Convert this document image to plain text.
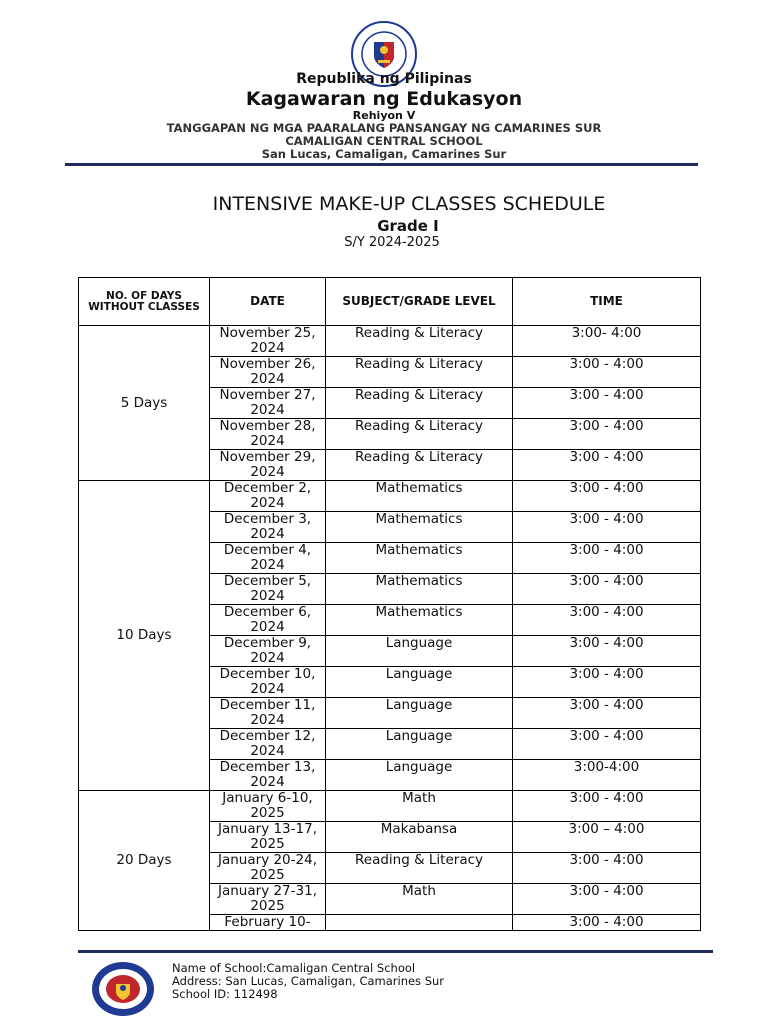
Republika ng Pilipinas
Kagawaran ng Edukasyon
Rehiyon V
TANGGAPAN NG MGA PAARALANG PANSANGAY NG CAMARINES SUR
CAMALIGAN CENTRAL SCHOOL
San Lucas, Camaligan, Camarines Sur
INTENSIVE MAKE-UP CLASSES SCHEDULE
Grade I
S/Y 2024-2025
NO. OF DAYS WITHOUT CLASSES	DATE	SUBJECT/GRADE LEVEL	TIME
5 Days	November 25, 2024	Reading & Literacy	3:00- 4:00
	November 26, 2024	Reading & Literacy	3:00 - 4:00
	November 27, 2024	Reading & Literacy	3:00 - 4:00
	November 28, 2024	Reading & Literacy	3:00 - 4:00
	November 29, 2024	Reading & Literacy	3:00 - 4:00
10 Days	December 2, 2024	Mathematics	3:00 - 4:00
	December 3, 2024	Mathematics	3:00 - 4:00
	December 4, 2024	Mathematics	3:00 - 4:00
	December 5, 2024	Mathematics	3:00 - 4:00
	December 6, 2024	Mathematics	3:00 - 4:00
	December 9, 2024	Language	3:00 - 4:00
	December 10, 2024	Language	3:00 - 4:00
	December 11, 2024	Language	3:00 - 4:00
	December 12, 2024	Language	3:00 - 4:00
	December 13, 2024	Language	3:00-4:00
20 Days	January 6-10, 2025	Math	3:00 - 4:00
	January 13-17, 2025	Makabansa	3:00 – 4:00
	January 20-24, 2025	Reading & Literacy	3:00 - 4:00
	January 27-31, 2025	Math	3:00 - 4:00
	February 10-		3:00 - 4:00
Name of School:Camaligan Central School
Address: San Lucas, Camaligan, Camarines Sur
School ID: 112498
